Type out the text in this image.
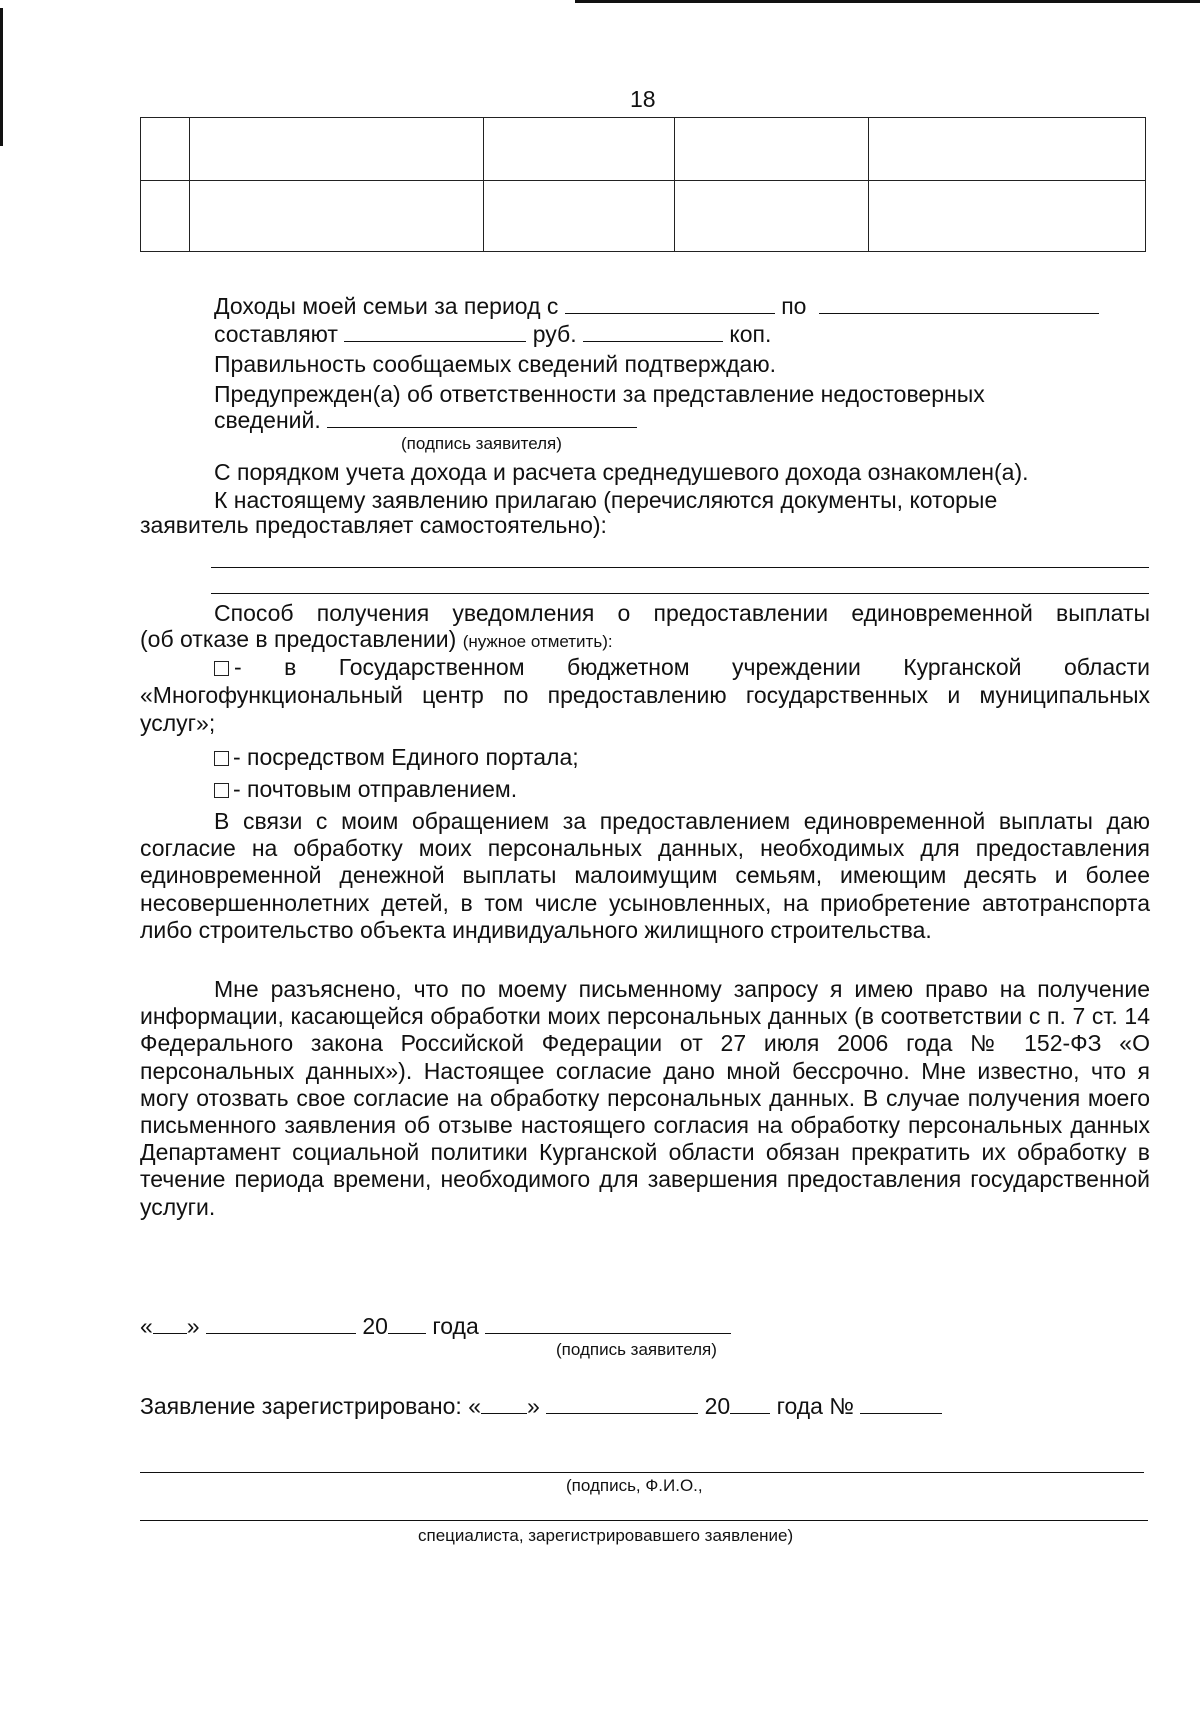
18
Доходы моей семьи за период с	по
составляют	руб.	коп.
Правильность сообщаемых сведений подтверждаю.
Предупрежден(а) об ответственности за представление недостоверных
сведений.
(подпись заявителя)
С порядком учета дохода и расчета среднедушевого дохода ознакомлен(а).
К настоящему заявлению прилагаю (перечисляются документы, которые
заявитель предоставляет самостоятельно):
Способ получения уведомления о предоставлении единовременной выплаты
(об отказе в предоставлении) (нужное отметить):
- в Государственном бюджетном учреждении Курганской области
«Многофункциональный центр по предоставлению государственных и муниципальных
услуг»;
- посредством Единого портала;
- почтовым отправлением.
В связи с моим обращением за предоставлением единовременной выплаты даю согласие на обработку моих персональных данных, необходимых для предоставления единовременной денежной выплаты малоимущим семьям, имеющим десять и более несовершеннолетних детей, в том числе усыновленных, на приобретение автотранспорта либо строительство объекта индивидуального жилищного строительства.
Мне разъяснено, что по моему письменному запросу я имею право на получение информации, касающейся обработки моих персональных данных (в соответствии с п. 7 ст. 14 Федерального закона Российской Федерации от 27 июля 2006 года № 152-ФЗ «О персональных данных»). Настоящее согласие дано мной бессрочно. Мне известно, что я могу отозвать свое согласие на обработку персональных данных. В случае получения моего письменного заявления об отзыве настоящего согласия на обработку персональных данных Департамент социальной политики Курганской области обязан прекратить их обработку в течение периода времени, необходимого для завершения предоставления государственной услуги.
« »	20 года
(подпись заявителя)
Заявление зарегистрировано: « »	20 года №
(подпись, Ф.И.О.,
специалиста, зарегистрировавшего заявление)
